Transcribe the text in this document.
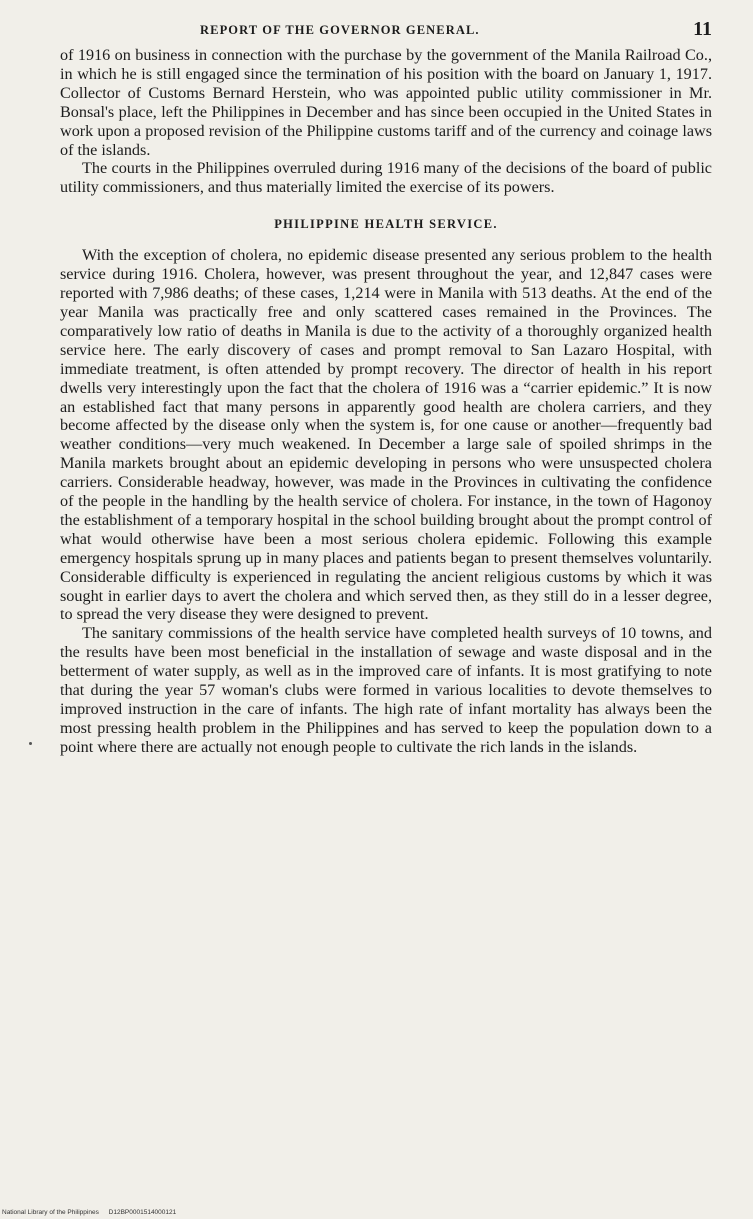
REPORT OF THE GOVERNOR GENERAL.	11

of 1916 on business in connection with the purchase by the government of the Manila Railroad Co., in which he is still engaged since the termination of his position with the board on January 1, 1917. Collector of Customs Bernard Herstein, who was appointed public utility commissioner in Mr. Bonsal's place, left the Philippines in December and has since been occupied in the United States in work upon a proposed revision of the Philippine customs tariff and of the currency and coinage laws of the islands.

The courts in the Philippines overruled during 1916 many of the decisions of the board of public utility commissioners, and thus materially limited the exercise of its powers.

PHILIPPINE HEALTH SERVICE.

With the exception of cholera, no epidemic disease presented any serious problem to the health service during 1916. Cholera, however, was present throughout the year, and 12,847 cases were reported with 7,986 deaths; of these cases, 1,214 were in Manila with 513 deaths. At the end of the year Manila was practically free and only scattered cases remained in the Provinces. The comparatively low ratio of deaths in Manila is due to the activity of a thoroughly organized health service here. The early discovery of cases and prompt removal to San Lazaro Hospital, with immediate treatment, is often attended by prompt recovery. The director of health in his report dwells very interestingly upon the fact that the cholera of 1916 was a “carrier epidemic.” It is now an established fact that many persons in apparently good health are cholera carriers, and they become affected by the disease only when the system is, for one cause or another—frequently bad weather conditions—very much weakened. In December a large sale of spoiled shrimps in the Manila markets brought about an epidemic developing in persons who were unsuspected cholera carriers. Considerable headway, however, was made in the Provinces in cultivating the confidence of the people in the handling by the health service of cholera. For instance, in the town of Hagonoy the establishment of a temporary hospital in the school building brought about the prompt control of what would otherwise have been a most serious cholera epidemic. Following this example emergency hospitals sprung up in many places and patients began to present themselves voluntarily. Considerable difficulty is experienced in regulating the ancient religious customs by which it was sought in earlier days to avert the cholera and which served then, as they still do in a lesser degree, to spread the very disease they were designed to prevent.

The sanitary commissions of the health service have completed health surveys of 10 towns, and the results have been most beneficial in the installation of sewage and waste disposal and in the betterment of water supply, as well as in the improved care of infants. It is most gratifying to note that during the year 57 woman's clubs were formed in various localities to devote themselves to improved instruction in the care of infants. The high rate of infant mortality has always been the most pressing health problem in the Philippines and has served to keep the population down to a point where there are actually not enough people to cultivate the rich lands in the islands.

National Library of the Philippines D12BP0001514000121
